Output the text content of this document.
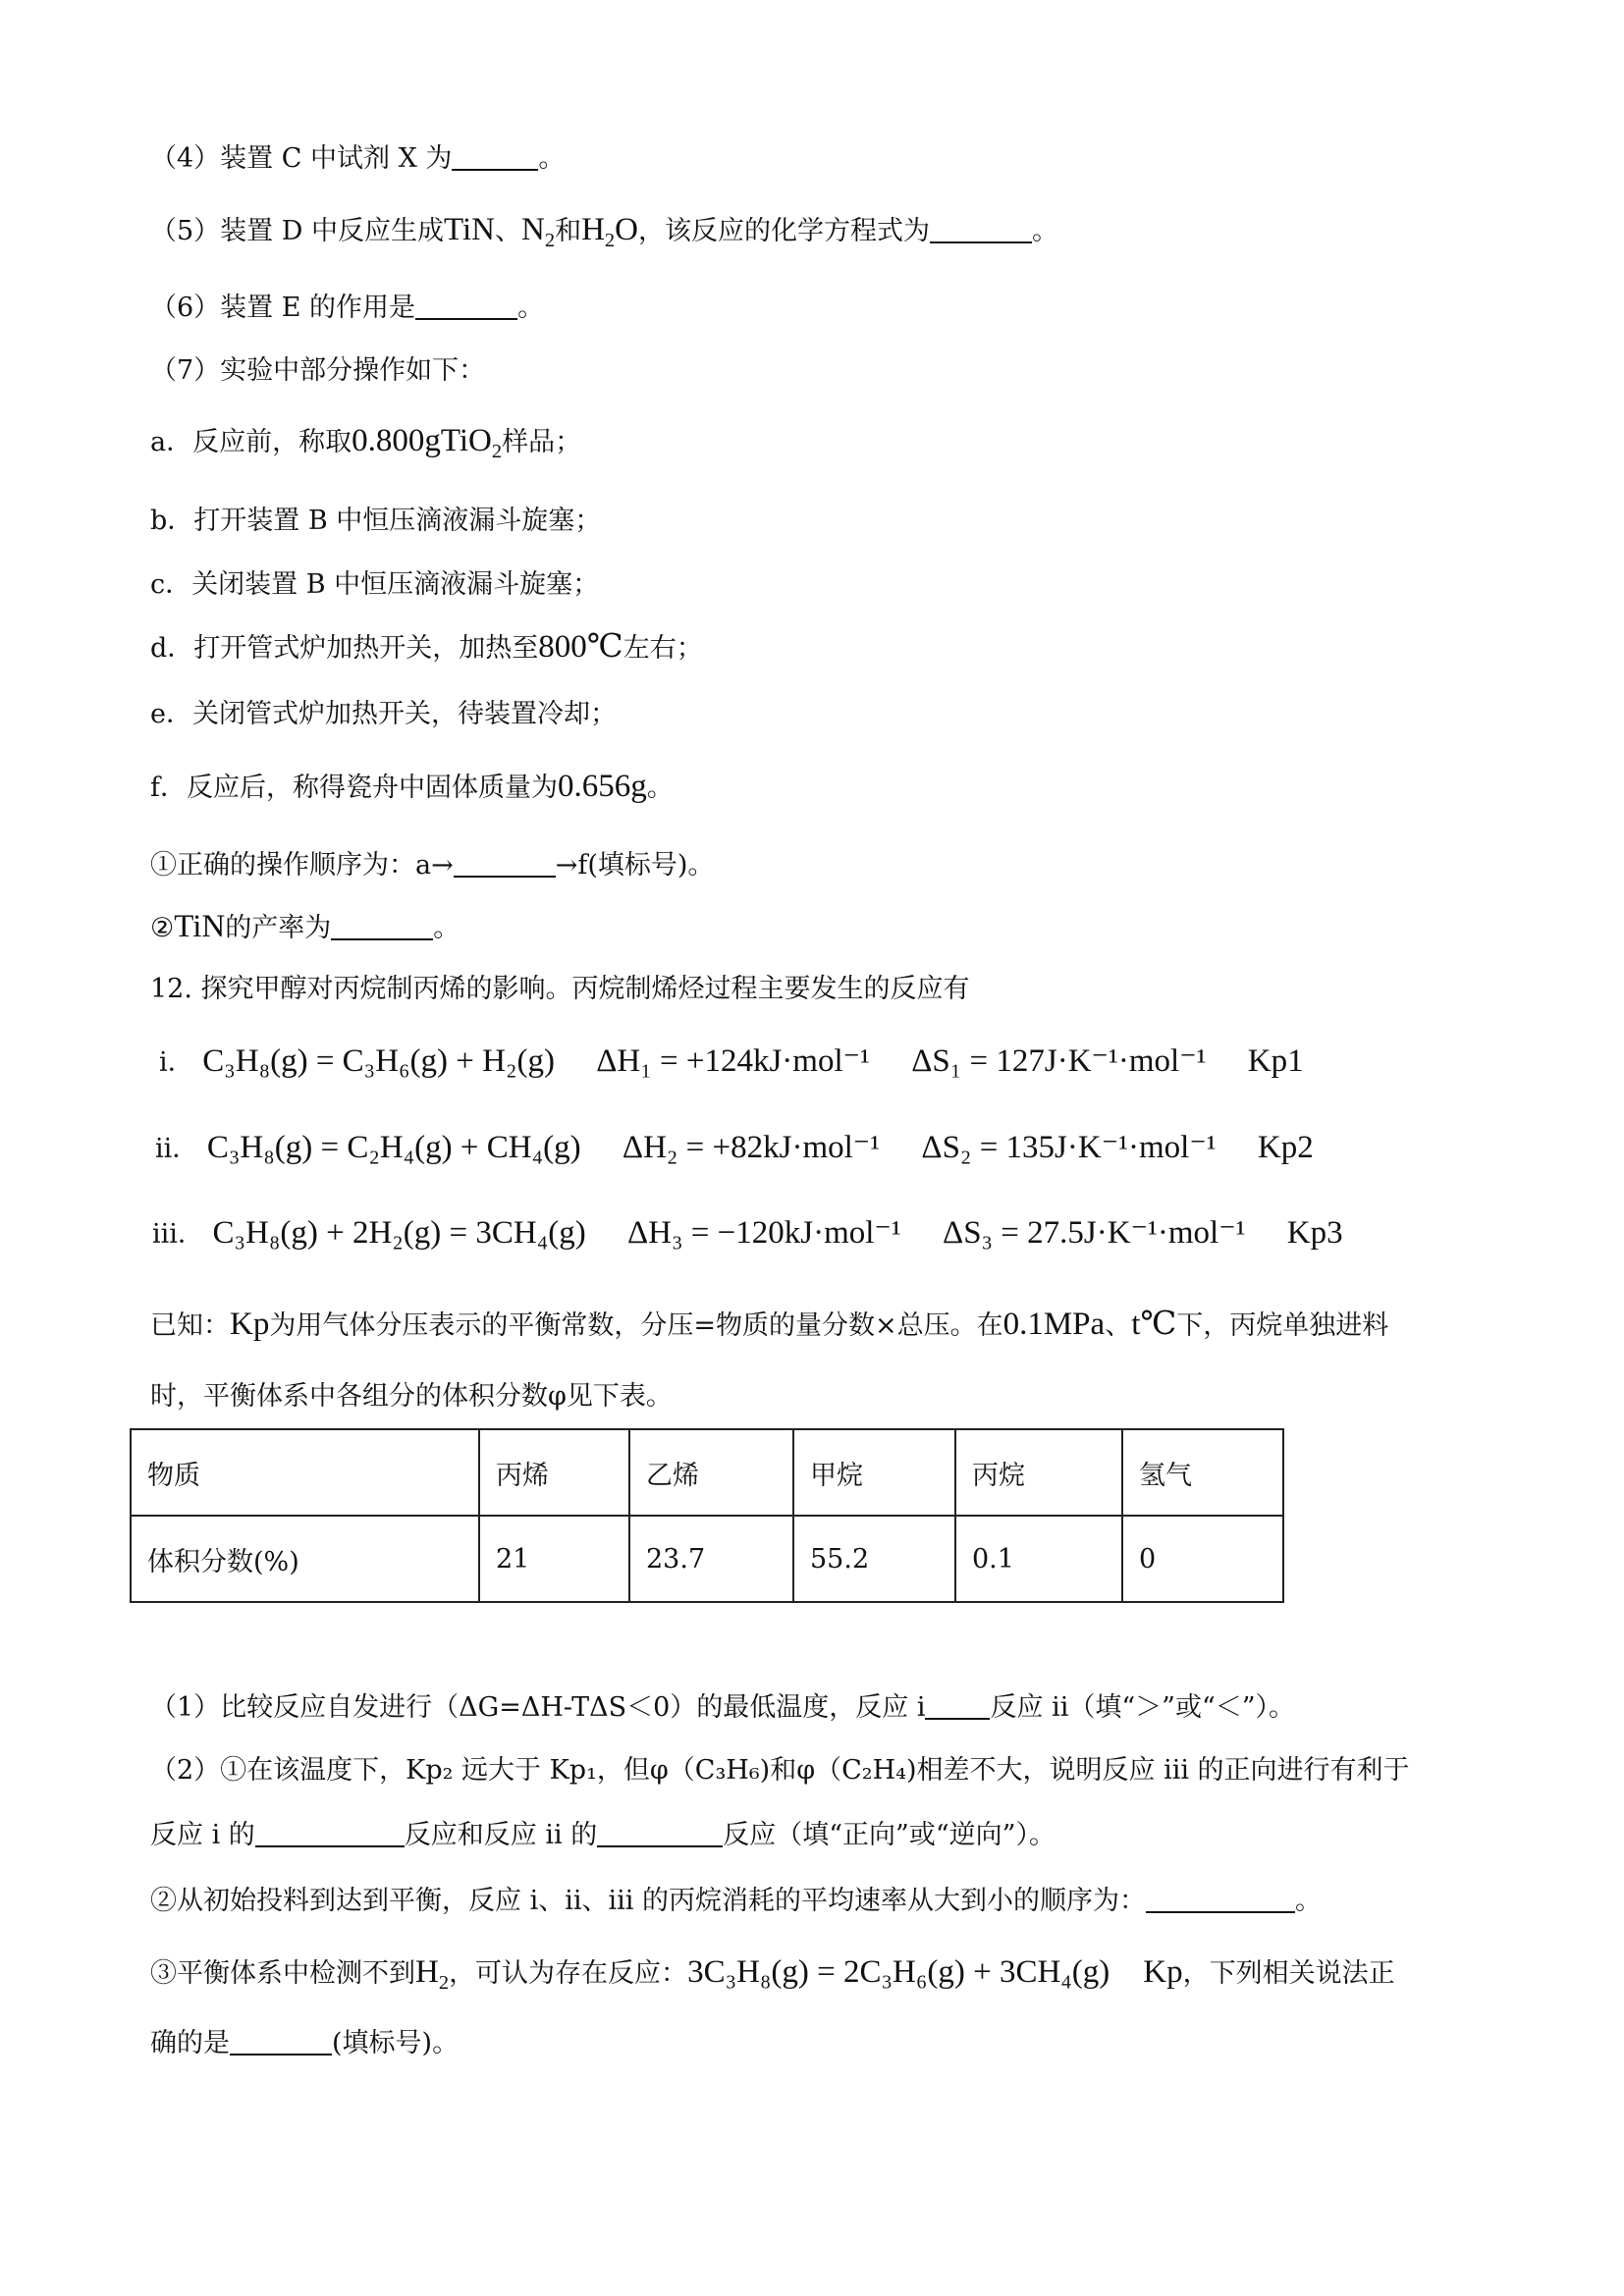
（4）装置 C 中试剂 X 为	。
（5）装置 D 中反应生成TiN、$N_2$和$H_2O$，该反应的化学方程式为	。
（6）装置 E 的作用是	。
（7）实验中部分操作如下：
a．反应前，称取0.800gTiO$_2$样品；
b．打开装置 B 中恒压滴液漏斗旋塞；
c．关闭装置 B 中恒压滴液漏斗旋塞；
d．打开管式炉加热开关，加热至800℃左右；
e．关闭管式炉加热开关，待装置冷却；
f．反应后，称得瓷舟中固体质量为0.656g。
①正确的操作顺序为：a→	→f(填标号)。
②TiN的产率为	。
12. 探究甲醇对丙烷制丙烯的影响。丙烷制烯烃过程主要发生的反应有
i． C₃H₈(g) = C₃H₆(g) + H₂(g) ΔH₁ = +124kJ·mol⁻¹ ΔS₁ = 127J·K⁻¹·mol⁻¹ Kp1
ii． C₃H₈(g) = C₂H₄(g) + CH₄(g) ΔH₂ = +82kJ·mol⁻¹ ΔS₂ = 135J·K⁻¹·mol⁻¹ Kp2
iii． C₃H₈(g) + 2H₂(g) = 3CH₄(g) ΔH₃ = −120kJ·mol⁻¹ ΔS₃ = 27.5J·K⁻¹·mol⁻¹ Kp3
已知：Kp为用气体分压表示的平衡常数，分压=物质的量分数×总压。在0.1MPa、t℃下，丙烷单独进料
时，平衡体系中各组分的体积分数φ见下表。
物质	丙烯	乙烯	甲烷	丙烷	氢气
体积分数(%)	21	23.7	55.2	0.1	0
（1）比较反应自发进行（ΔG=ΔH-TΔS＜0）的最低温度，反应 ⅰ 反应 ⅱ（填“＞”或“＜”）。
（2）①在该温度下，Kp₂ 远大于 Kp₁，但φ（C₃H₆)和φ（C₂H₄)相差不大，说明反应 ⅲ 的正向进行有利于
反应 ⅰ 的	反应和反应 ⅱ 的	反应（填“正向”或“逆向”）。
②从初始投料到达到平衡，反应 ⅰ、ⅱ、ⅲ 的丙烷消耗的平均速率从大到小的顺序为：	。
③平衡体系中检测不到$H_2$，可认为存在反应：3C₃H₈(g) = 2C₃H₆(g) + 3CH₄(g) Kp，下列相关说法正
确的是	(填标号)。
